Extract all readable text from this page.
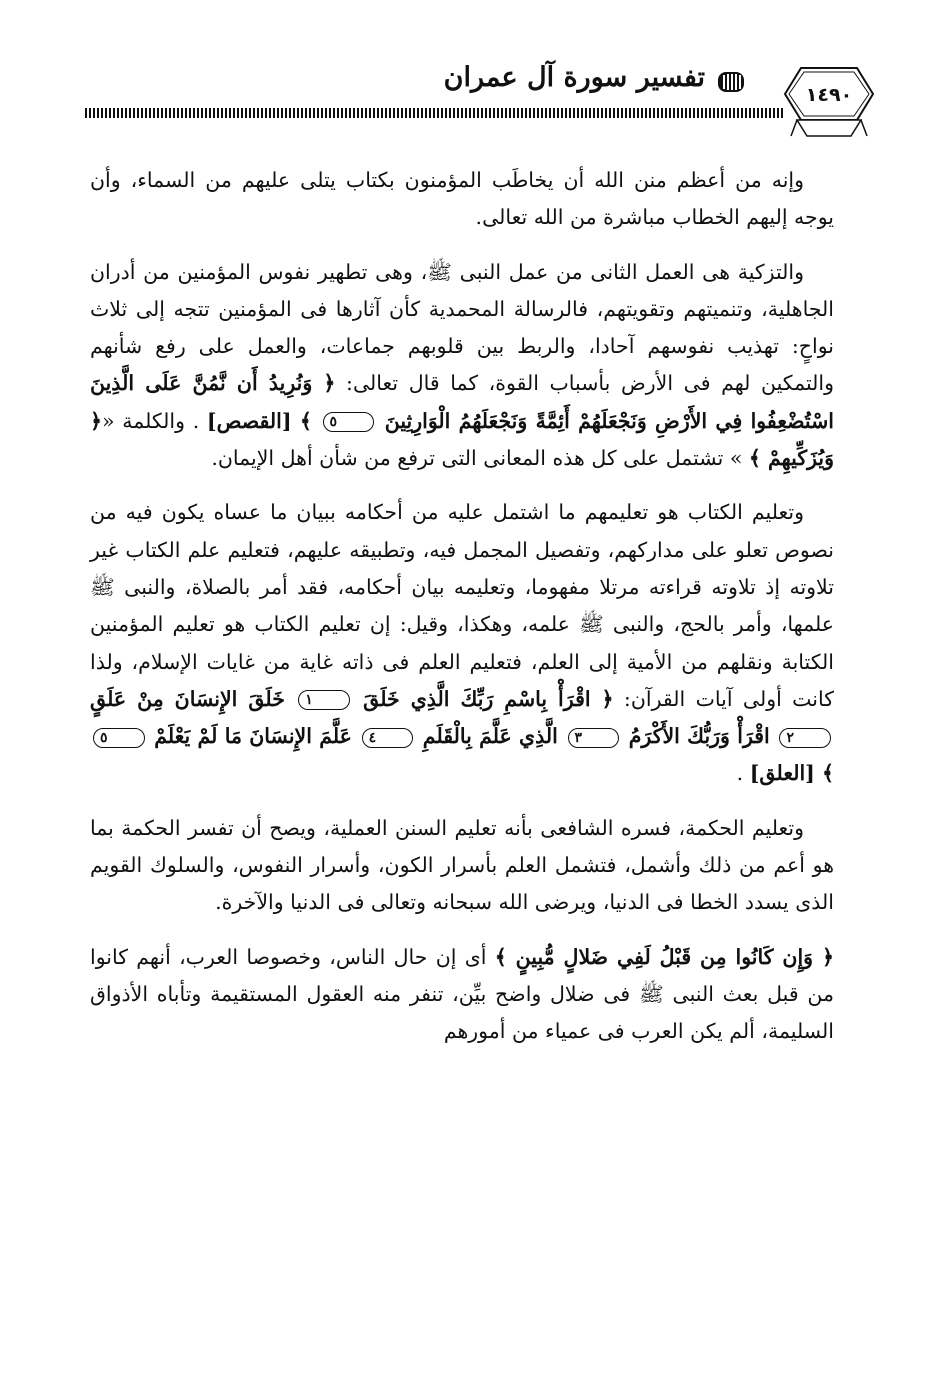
تفسير سورة آل عمران
١٤٩٠

وإنه من أعظم منن الله أن يخاطَب المؤمنون بكتاب يتلى عليهم من السماء، وأن يوجه إليهم الخطاب مباشرة من الله تعالى.

والتزكية هى العمل الثانى من عمل النبى ﷺ، وهى تطهير نفوس المؤمنين من أدران الجاهلية، وتنميتهم وتقويتهم، فالرسالة المحمدية كأن آثارها فى المؤمنين تتجه إلى ثلاث نواحٍ: تهذيب نفوسهم آحادا، والربط بين قلوبهم جماعات، والعمل على رفع شأنهم والتمكين لهم فى الأرض بأسباب القوة، كما قال تعالى: ﴿ وَنُرِيدُ أَن نَّمُنَّ عَلَى الَّذِينَ اسْتُضْعِفُوا فِي الأَرْضِ وَنَجْعَلَهُمْ أَئِمَّةً وَنَجْعَلَهُمُ الْوَارِثِينَ ٥ ﴾ [القصص] . والكلمة «﴿ وَيُزَكِّيهِمْ ﴾ » تشتمل على كل هذه المعانى التى ترفع من شأن أهل الإيمان.

وتعليم الكتاب هو تعليمهم ما اشتمل عليه من أحكامه ببيان ما عساه يكون فيه من نصوص تعلو على مداركهم، وتفصيل المجمل فيه، وتطبيقه عليهم، فتعليم علم الكتاب غير تلاوته إذ تلاوته قراءته مرتلا مفهوما، وتعليمه بيان أحكامه، فقد أمر بالصلاة، والنبى ﷺ علمها، وأمر بالحج، والنبى ﷺ علمه، وهكذا، وقيل: إن تعليم الكتاب هو تعليم المؤمنين الكتابة ونقلهم من الأمية إلى العلم، فتعليم العلم فى ذاته غاية من غايات الإسلام، ولذا كانت أولى آيات القرآن: ﴿ اقْرَأْ بِاسْمِ رَبِّكَ الَّذِي خَلَقَ ١ خَلَقَ الإِنسَانَ مِنْ عَلَقٍ ٢ اقْرَأْ وَرَبُّكَ الأَكْرَمُ ٣ الَّذِي عَلَّمَ بِالْقَلَمِ ٤ عَلَّمَ الإِنسَانَ مَا لَمْ يَعْلَمْ ٥ ﴾ [العلق] .

وتعليم الحكمة، فسره الشافعى بأنه تعليم السنن العملية، ويصح أن تفسر الحكمة بما هو أعم من ذلك وأشمل، فتشمل العلم بأسرار الكون، وأسرار النفوس، والسلوك القويم الذى يسدد الخطا فى الدنيا، ويرضى الله سبحانه وتعالى فى الدنيا والآخرة.

﴿ وَإِن كَانُوا مِن قَبْلُ لَفِي ضَلالٍ مُّبِينٍ ﴾ أى إن حال الناس، وخصوصا العرب، أنهم كانوا من قبل بعث النبى ﷺ فى ضلال واضح بيِّن، تنفر منه العقول المستقيمة وتأباه الأذواق السليمة، ألم يكن العرب فى عمياء من أمورهم
